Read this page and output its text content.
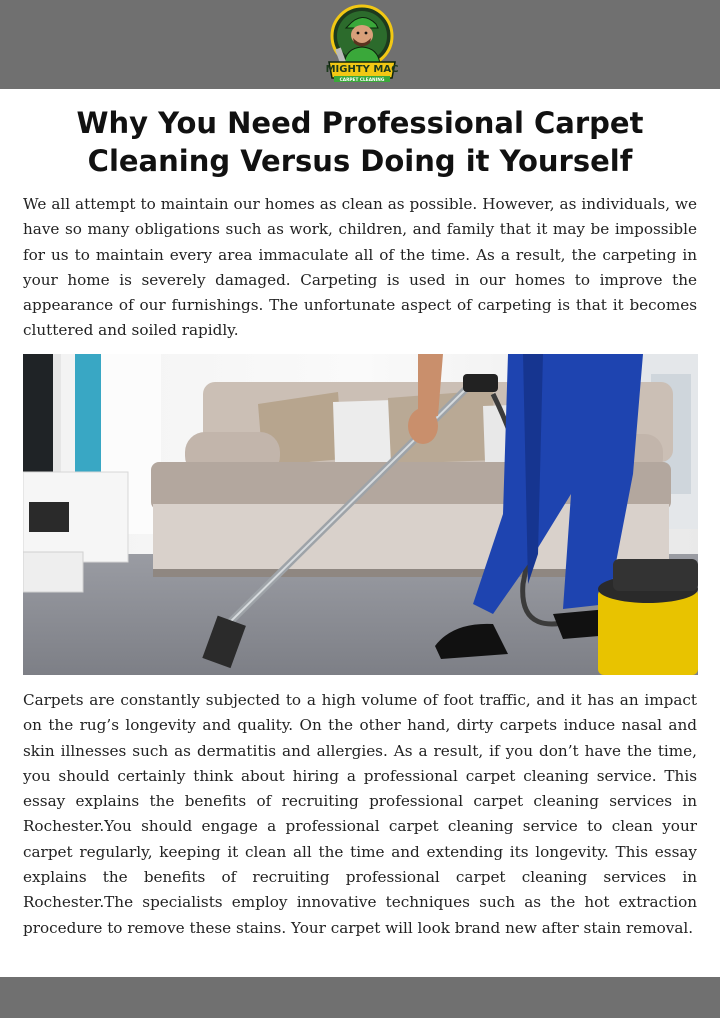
MIGHTY MAC
CARPET CLEANING
Why You Need Professional Carpet
Cleaning Versus Doing it Yourself

We all attempt to maintain our homes as clean as possible. However, as individuals, we have so many obligations such as work, children, and family that it may be impossible for us to maintain every area immaculate all of the time. As a result, the carpeting in your home is severely damaged. Carpeting is used in our homes to improve the appearance of our furnishings. The unfortunate aspect of carpeting is that it becomes cluttered and soiled rapidly.

Carpets are constantly subjected to a high volume of foot traffic, and it has an impact on the rug’s longevity and quality. On the other hand, dirty carpets induce nasal and skin illnesses such as dermatitis and allergies. As a result, if you don’t have the time, you should certainly think about hiring a professional carpet cleaning service. This essay explains the benefits of recruiting professional carpet cleaning services in Rochester.You should engage a professional carpet cleaning service to clean your carpet regularly, keeping it clean all the time and extending its longevity. This essay explains the benefits of recruiting professional carpet cleaning services in Rochester.The specialists employ innovative techniques such as the hot extraction procedure to remove these stains. Your carpet will look brand new after stain removal.
